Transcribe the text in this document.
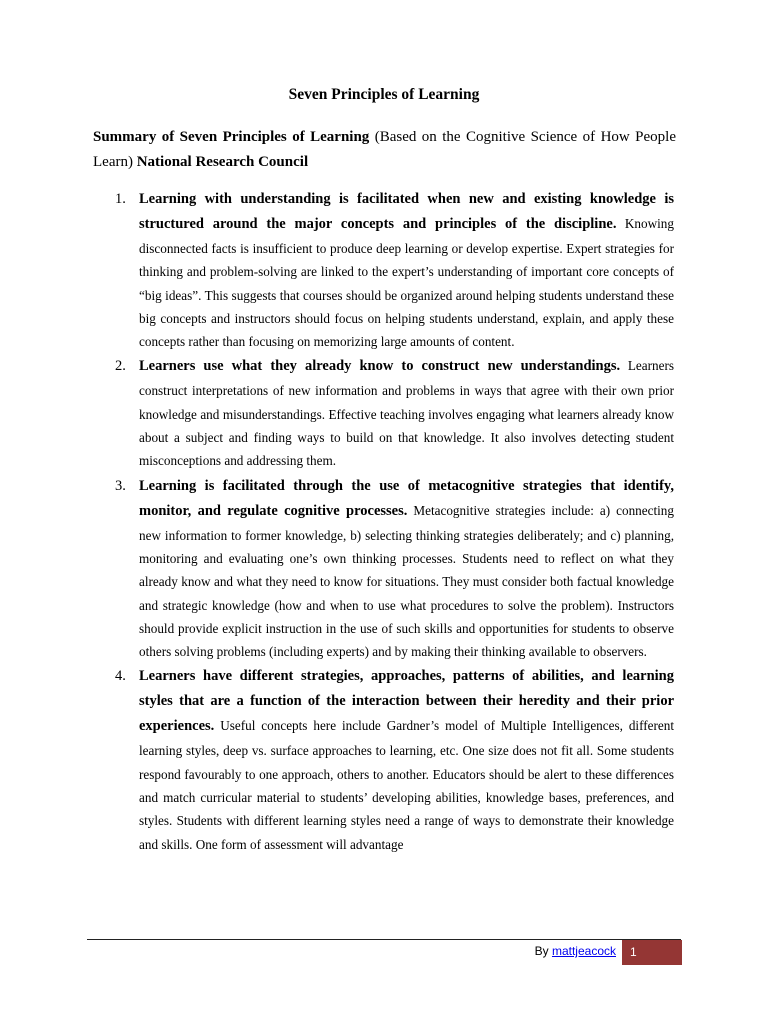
Seven Principles of Learning
Summary of Seven Principles of Learning (Based on the Cognitive Science of How People Learn) National Research Council
1. Learning with understanding is facilitated when new and existing knowledge is structured around the major concepts and principles of the discipline. Knowing disconnected facts is insufficient to produce deep learning or develop expertise. Expert strategies for thinking and problem-solving are linked to the expert’s understanding of important core concepts of “big ideas”. This suggests that courses should be organized around helping students understand these big concepts and instructors should focus on helping students understand, explain, and apply these concepts rather than focusing on memorizing large amounts of content.
2. Learners use what they already know to construct new understandings. Learners construct interpretations of new information and problems in ways that agree with their own prior knowledge and misunderstandings. Effective teaching involves engaging what learners already know about a subject and finding ways to build on that knowledge. It also involves detecting student misconceptions and addressing them.
3. Learning is facilitated through the use of metacognitive strategies that identify, monitor, and regulate cognitive processes. Metacognitive strategies include: a) connecting new information to former knowledge, b) selecting thinking strategies deliberately; and c) planning, monitoring and evaluating one’s own thinking processes. Students need to reflect on what they already know and what they need to know for situations. They must consider both factual knowledge and strategic knowledge (how and when to use what procedures to solve the problem). Instructors should provide explicit instruction in the use of such skills and opportunities for students to observe others solving problems (including experts) and by making their thinking available to observers.
4. Learners have different strategies, approaches, patterns of abilities, and learning styles that are a function of the interaction between their heredity and their prior experiences. Useful concepts here include Gardner’s model of Multiple Intelligences, different learning styles, deep vs. surface approaches to learning, etc. One size does not fit all. Some students respond favourably to one approach, others to another. Educators should be alert to these differences and match curricular material to students’ developing abilities, knowledge bases, preferences, and styles. Students with different learning styles need a range of ways to demonstrate their knowledge and skills. One form of assessment will advantage
By mattjeacock	1
